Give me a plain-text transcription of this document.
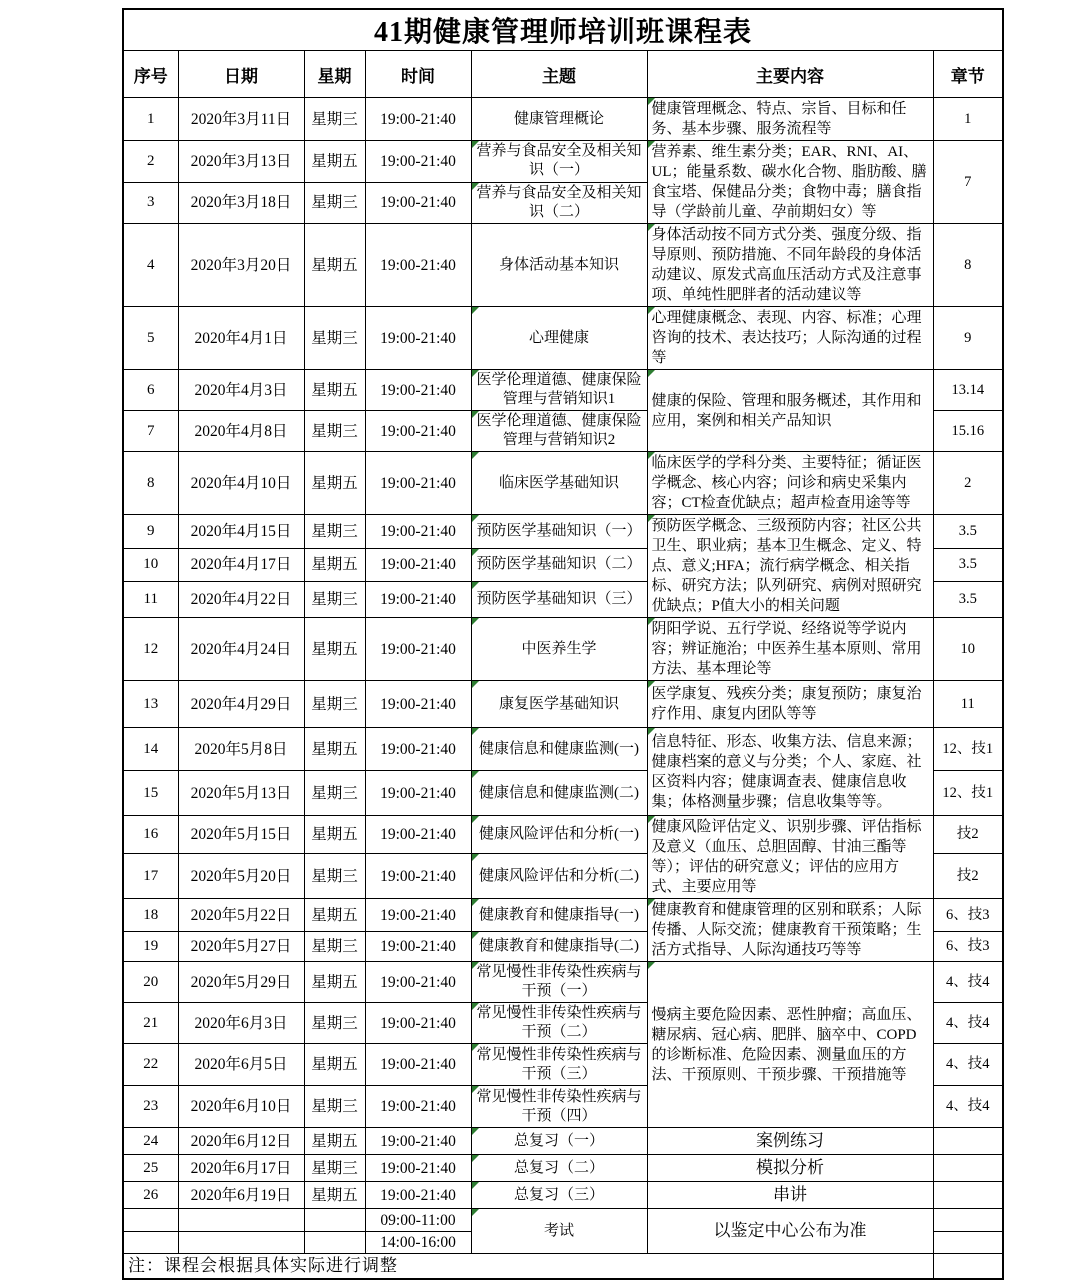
41期健康管理师培训班课程表						
序号	日期	星期	时间	主题	主要内容	章节
1	2020年3月11日	星期三	19:00-21:40	健康管理概论	健康管理概念、特点、宗旨、目标和任务、基本步骤、服务流程等	1
2	2020年3月13日	星期五	19:00-21:40	营养与食品安全及相关知识（一）	营养素、维生素分类；EAR、RNI、AI、UL；能量系数、碳水化合物、脂肪酸、膳食宝塔、保健品分类；食物中毒；膳食指导（学龄前儿童、孕前期妇女）等	7
3	2020年3月18日	星期三	19:00-21:40	营养与食品安全及相关知识（二）		
4	2020年3月20日	星期五	19:00-21:40	身体活动基本知识	身体活动按不同方式分类、强度分级、指导原则、预防措施、不同年龄段的身体活动建议、原发式高血压活动方式及注意事项、单纯性肥胖者的活动建议等	8
5	2020年4月1日	星期三	19:00-21:40	心理健康	心理健康概念、表现、内容、标准；心理咨询的技术、表达技巧；人际沟通的过程等	9
6	2020年4月3日	星期五	19:00-21:40	医学伦理道德、健康保险管理与营销知识1	健康的保险、管理和服务概述，其作用和应用，案例和相关产品知识	13.14
7	2020年4月8日	星期三	19:00-21:40	医学伦理道德、健康保险管理与营销知识2		15.16
8	2020年4月10日	星期五	19:00-21:40	临床医学基础知识	临床医学的学科分类、主要特征；循证医学概念、核心内容；问诊和病史采集内容；CT检查优缺点；超声检查用途等等	2
9	2020年4月15日	星期三	19:00-21:40	预防医学基础知识（一）	预防医学概念、三级预防内容；社区公共卫生、职业病；基本卫生概念、定义、特点、意义;HFA；流行病学概念、相关指标、研究方法；队列研究、病例对照研究优缺点；P值大小的相关问题	3.5
10	2020年4月17日	星期五	19:00-21:40	预防医学基础知识（二）		3.5
11	2020年4月22日	星期三	19:00-21:40	预防医学基础知识（三）		3.5
12	2020年4月24日	星期五	19:00-21:40	中医养生学	阴阳学说、五行学说、经络说等学说内容；辨证施治；中医养生基本原则、常用方法、基本理论等	10
13	2020年4月29日	星期三	19:00-21:40	康复医学基础知识	医学康复、残疾分类；康复预防；康复治疗作用、康复内团队等等	11
14	2020年5月8日	星期五	19:00-21:40	健康信息和健康监测(一)	信息特征、形态、收集方法、信息来源；健康档案的意义与分类；个人、家庭、社区资料内容；健康调查表、健康信息收集；体格测量步骤；信息收集等等。	12、技1
15	2020年5月13日	星期三	19:00-21:40	健康信息和健康监测(二)		12、技1
16	2020年5月15日	星期五	19:00-21:40	健康风险评估和分析(一)	健康风险评估定义、识别步骤、评估指标及意义（血压、总胆固醇、甘油三酯等等）；评估的研究意义；评估的应用方式、主要应用等	技2
17	2020年5月20日	星期三	19:00-21:40	健康风险评估和分析(二)		技2
18	2020年5月22日	星期五	19:00-21:40	健康教育和健康指导(一)	健康教育和健康管理的区别和联系；人际传播、人际交流；健康教育干预策略；生活方式指导、人际沟通技巧等等	6、技3
19	2020年5月27日	星期三	19:00-21:40	健康教育和健康指导(二)		6、技3
20	2020年5月29日	星期五	19:00-21:40	常见慢性非传染性疾病与干预（一）	慢病主要危险因素、恶性肿瘤；高血压、糖尿病、冠心病、肥胖、脑卒中、COPD的诊断标准、危险因素、测量血压的方法、干预原则、干预步骤、干预措施等	4、技4
21	2020年6月3日	星期三	19:00-21:40	常见慢性非传染性疾病与干预（二）		4、技4
22	2020年6月5日	星期五	19:00-21:40	常见慢性非传染性疾病与干预（三）		4、技4
23	2020年6月10日	星期三	19:00-21:40	常见慢性非传染性疾病与干预（四）		4、技4
24	2020年6月12日	星期五	19:00-21:40	总复习（一）	案例练习	
25	2020年6月17日	星期三	19:00-21:40	总复习（二）	模拟分析	
26	2020年6月19日	星期五	19:00-21:40	总复习（三）	串讲	
			09:00-11:00	考试	以鉴定中心公布为准	
			14:00-16:00			
注：课程会根据具体实际进行调整						
